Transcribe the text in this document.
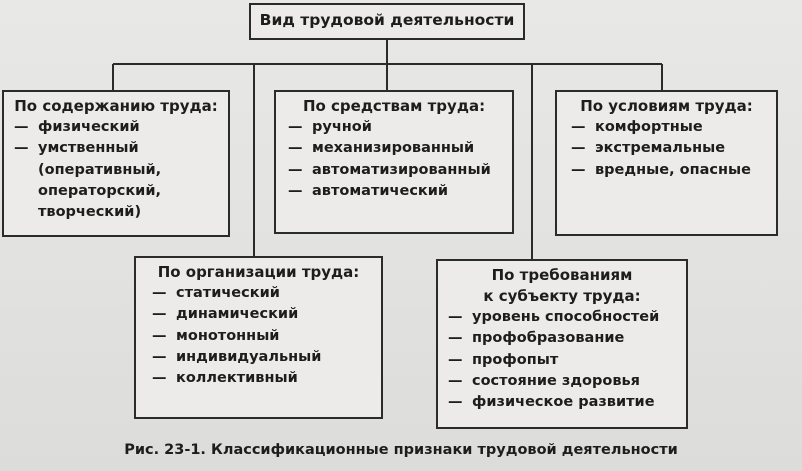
Вид трудовой деятельности
По содержанию труда:
— физический
— умственный
(оперативный,
операторский,
творческий)
По средствам труда:
— ручной
— механизированный
— автоматизированный
— автоматический
По условиям труда:
— комфортные
— экстремальные
— вредные, опасные
По организации труда:
— статический
— динамический
— монотонный
— индивидуальный
— коллективный
По требованиям
к субъекту труда:
— уровень способностей
— профобразование
— профопыт
— состояние здоровья
— физическое развитие
Рис. 23-1. Классификационные признаки трудовой деятельности
